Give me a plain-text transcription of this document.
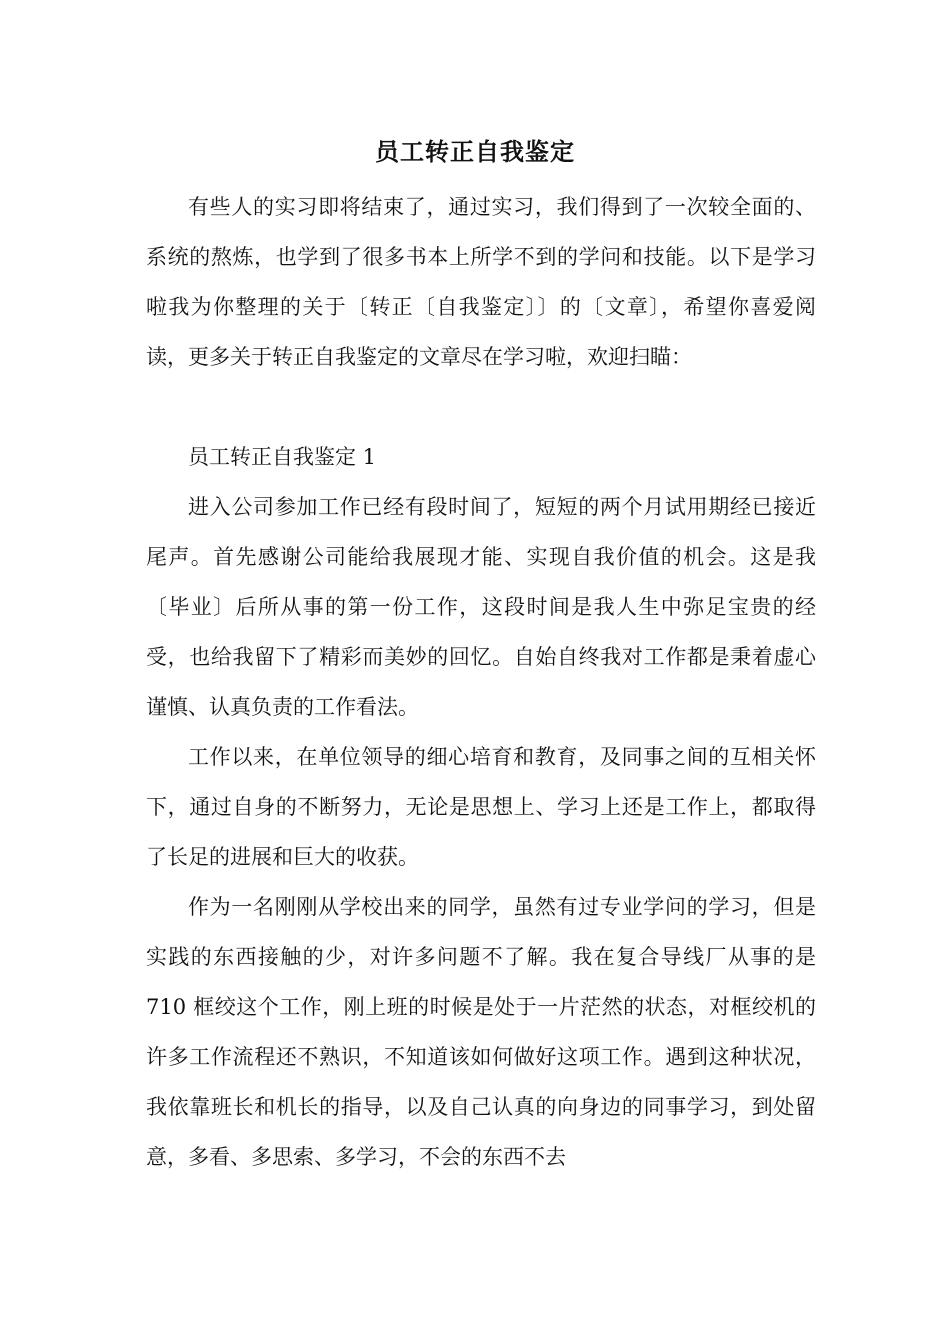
员工转正自我鉴定

有些人的实习即将结束了，通过实习，我们得到了一次较全面的、系统的熬炼，也学到了很多书本上所学不到的学问和技能。以下是学习啦我为你整理的关于〔转正〔自我鉴定〕〕的〔文章〕，希望你喜爱阅读，更多关于转正自我鉴定的文章尽在学习啦，欢迎扫瞄：

员工转正自我鉴定 1

进入公司参加工作已经有段时间了，短短的两个月试用期经已接近尾声。首先感谢公司能给我展现才能、实现自我价值的机会。这是我〔毕业〕后所从事的第一份工作，这段时间是我人生中弥足宝贵的经受，也给我留下了精彩而美妙的回忆。自始自终我对工作都是秉着虚心谨慎、认真负责的工作看法。

工作以来，在单位领导的细心培育和教育，及同事之间的互相关怀下，通过自身的不断努力，无论是思想上、学习上还是工作上，都取得了长足的进展和巨大的收获。

作为一名刚刚从学校出来的同学，虽然有过专业学问的学习，但是实践的东西接触的少，对许多问题不了解。我在复合导线厂从事的是 710 框绞这个工作，刚上班的时候是处于一片茫然的状态，对框绞机的许多工作流程还不熟识，不知道该如何做好这项工作。遇到这种状况，我依靠班长和机长的指导，以及自己认真的向身边的同事学习，到处留意，多看、多思索、多学习，不会的东西不去
